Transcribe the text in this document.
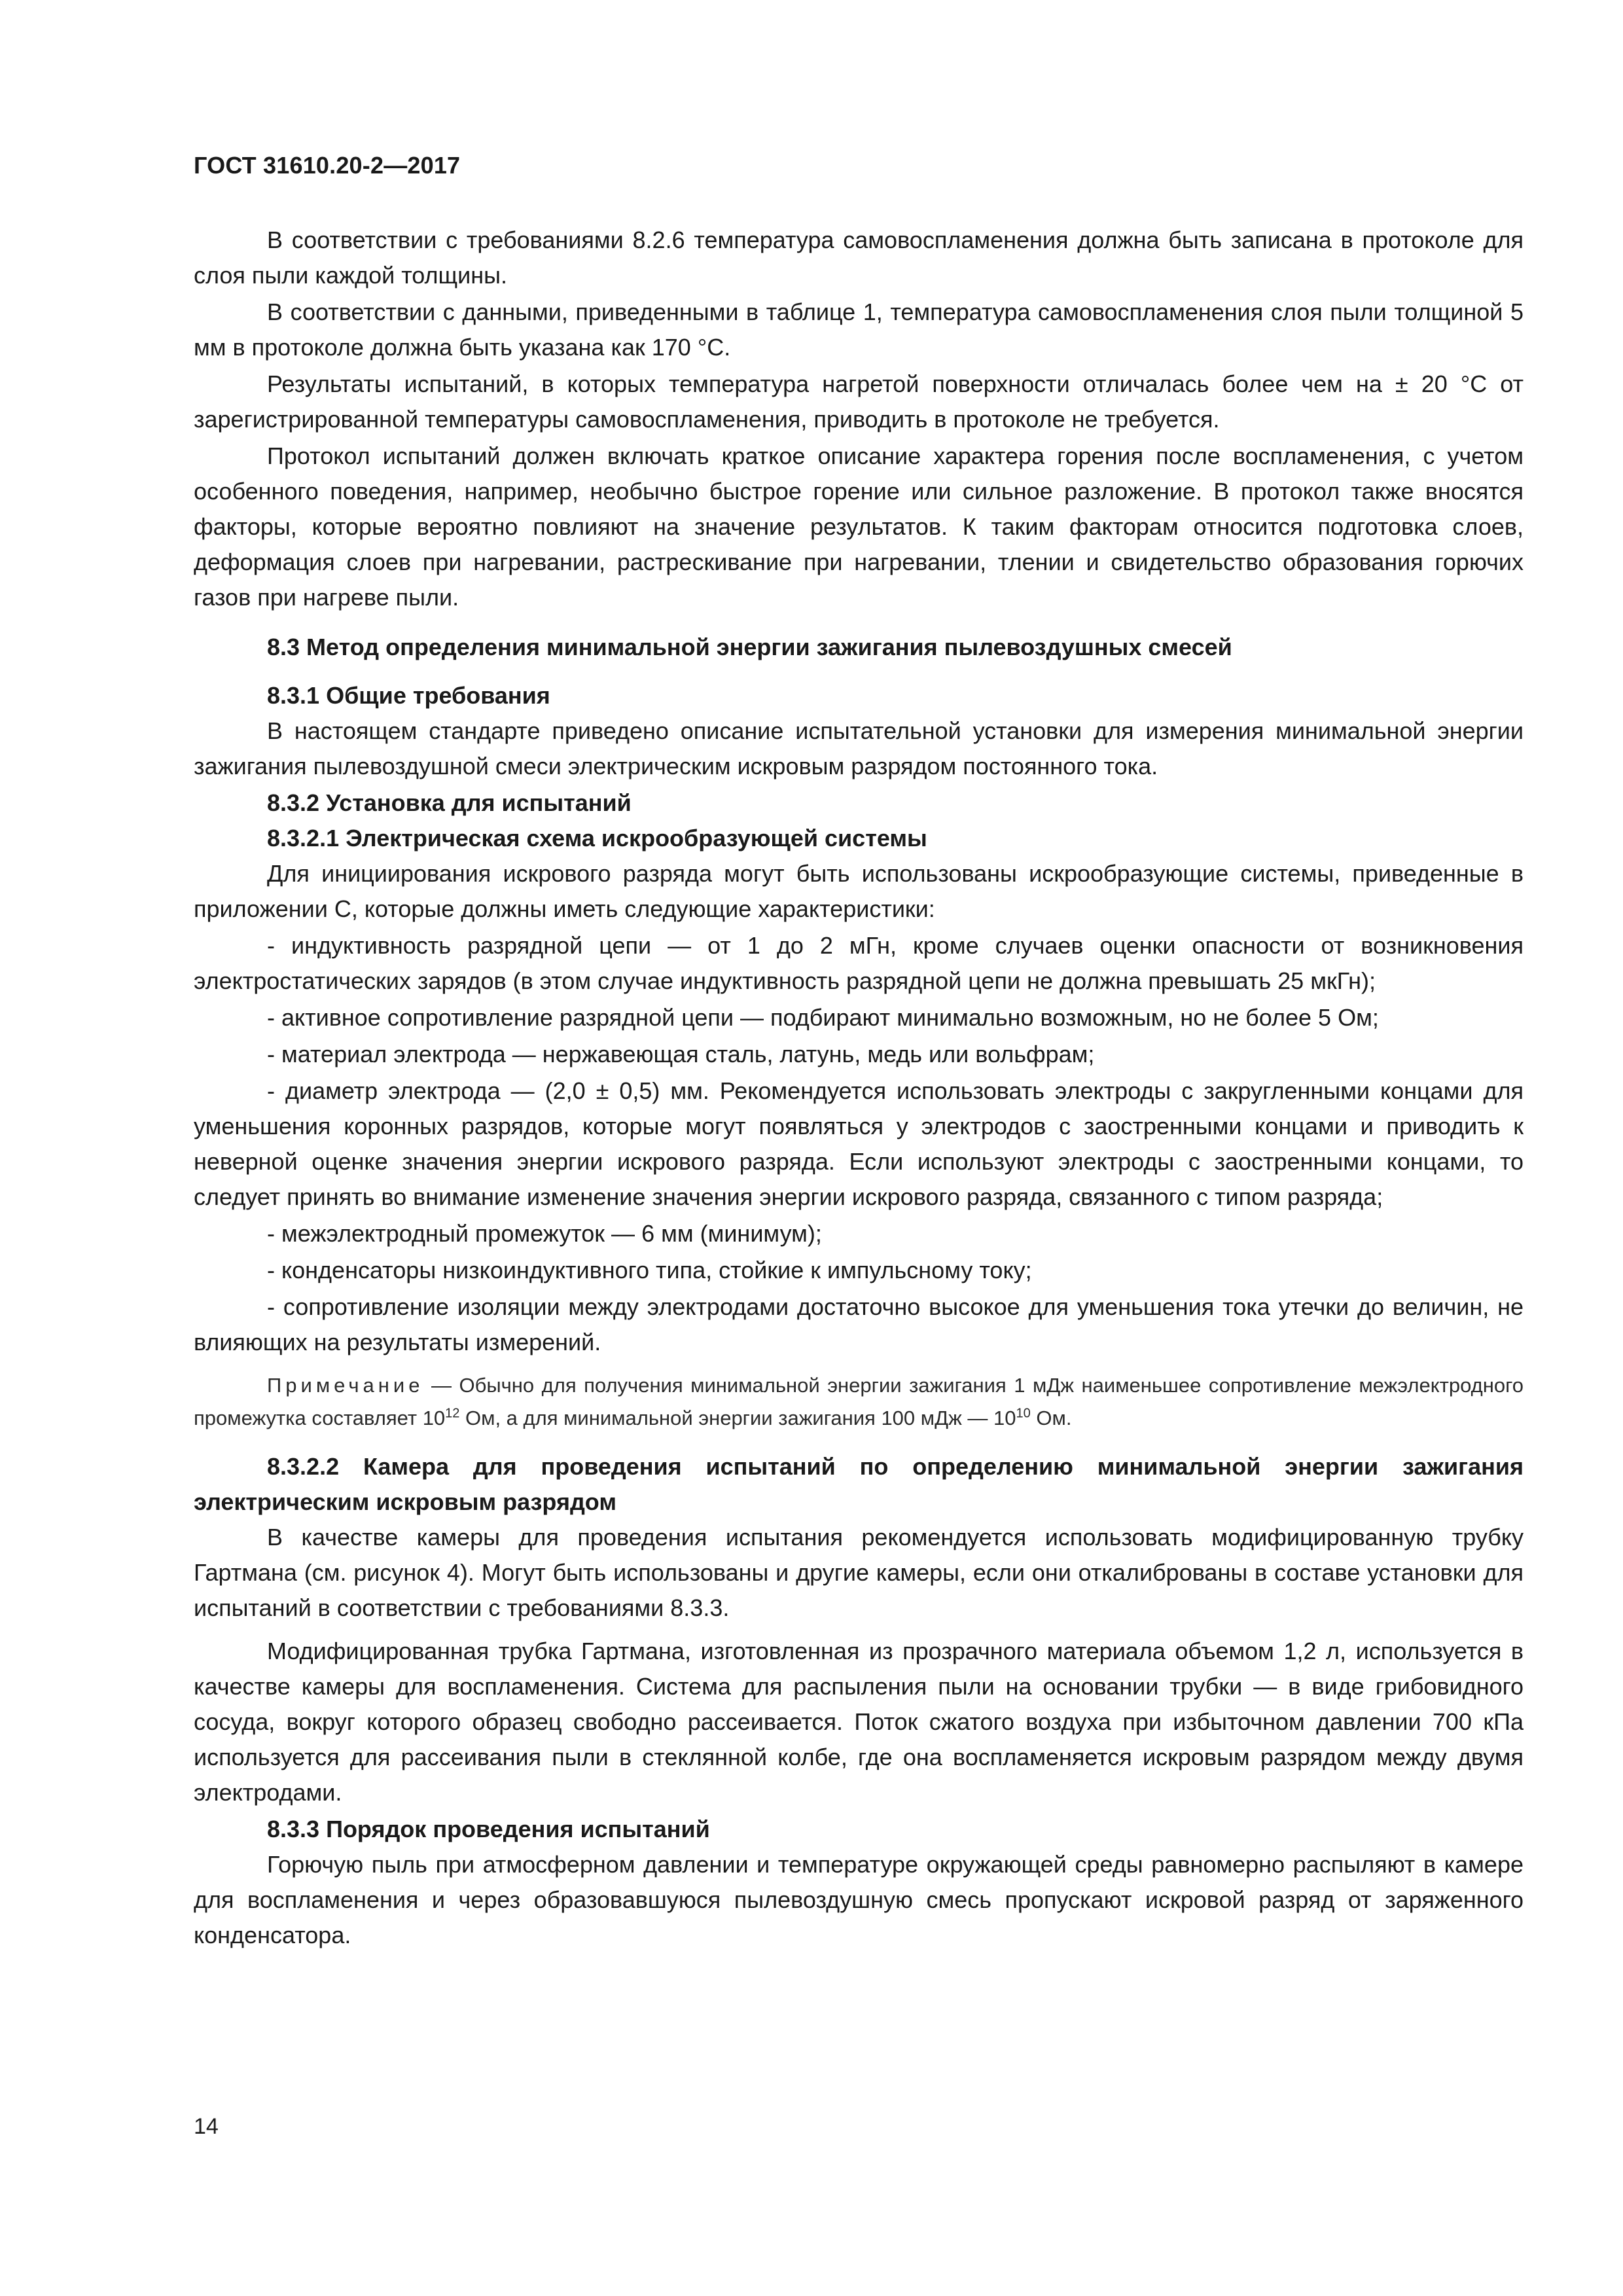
ГОСТ 31610.20-2—2017

В соответствии с требованиями 8.2.6 температура самовоспламенения должна быть записана в протоколе для слоя пыли каждой толщины.

В соответствии с данными, приведенными в таблице 1, температура самовоспламенения слоя пыли толщиной 5 мм в протоколе должна быть указана как 170 °С.

Результаты испытаний, в которых температура нагретой поверхности отличалась более чем на ± 20 °С от зарегистрированной температуры самовоспламенения, приводить в протоколе не требуется.

Протокол испытаний должен включать краткое описание характера горения после воспламенения, с учетом особенного поведения, например, необычно быстрое горение или сильное разложение. В протокол также вносятся факторы, которые вероятно повлияют на значение результатов. К таким факторам относится подготовка слоев, деформация слоев при нагревании, растрескивание при нагревании, тлении и свидетельство образования горючих газов при нагреве пыли.

8.3 Метод определения минимальной энергии зажигания пылевоздушных смесей
8.3.1 Общие требования

В настоящем стандарте приведено описание испытательной установки для измерения минимальной энергии зажигания пылевоздушной смеси электрическим искровым разрядом постоянного тока.

8.3.2 Установка для испытаний
8.3.2.1 Электрическая схема искрообразующей системы

Для инициирования искрового разряда могут быть использованы искрообразующие системы, приведенные в приложении С, которые должны иметь следующие характеристики:

- индуктивность разрядной цепи — от 1 до 2 мГн, кроме случаев оценки опасности от возникновения электростатических зарядов (в этом случае индуктивность разрядной цепи не должна превышать 25 мкГн);

- активное сопротивление разрядной цепи — подбирают минимально возможным, но не более 5 Ом;

- материал электрода — нержавеющая сталь, латунь, медь или вольфрам;

- диаметр электрода — (2,0 ± 0,5) мм. Рекомендуется использовать электроды с закругленными концами для уменьшения коронных разрядов, которые могут появляться у электродов с заостренными концами и приводить к неверной оценке значения энергии искрового разряда. Если используют электроды с заостренными концами, то следует принять во внимание изменение значения энергии искрового разряда, связанного с типом разряда;

- межэлектродный промежуток — 6 мм (минимум);

- конденсаторы низкоиндуктивного типа, стойкие к импульсному току;

- сопротивление изоляции между электродами достаточно высокое для уменьшения тока утечки до величин, не влияющих на результаты измерений.

Примечание — Обычно для получения минимальной энергии зажигания 1 мДж наименьшее сопротивление межэлектродного промежутка составляет $10^{12}$ Ом, а для минимальной энергии зажигания 100 мДж — $10^{10}$ Ом.

8.3.2.2 Камера для проведения испытаний по определению минимальной энергии зажигания электрическим искровым разрядом

В качестве камеры для проведения испытания рекомендуется использовать модифицированную трубку Гартмана (см. рисунок 4). Могут быть использованы и другие камеры, если они откалиброваны в составе установки для испытаний в соответствии с требованиями 8.3.3.

Модифицированная трубка Гартмана, изготовленная из прозрачного материала объемом 1,2 л, используется в качестве камеры для воспламенения. Система для распыления пыли на основании трубки — в виде грибовидного сосуда, вокруг которого образец свободно рассеивается. Поток сжатого воздуха при избыточном давлении 700 кПа используется для рассеивания пыли в стеклянной колбе, где она воспламеняется искровым разрядом между двумя электродами.

8.3.3 Порядок проведения испытаний

Горючую пыль при атмосферном давлении и температуре окружающей среды равномерно распыляют в камере для воспламенения и через образовавшуюся пылевоздушную смесь пропускают искровой разряд от заряженного конденсатора.

14
